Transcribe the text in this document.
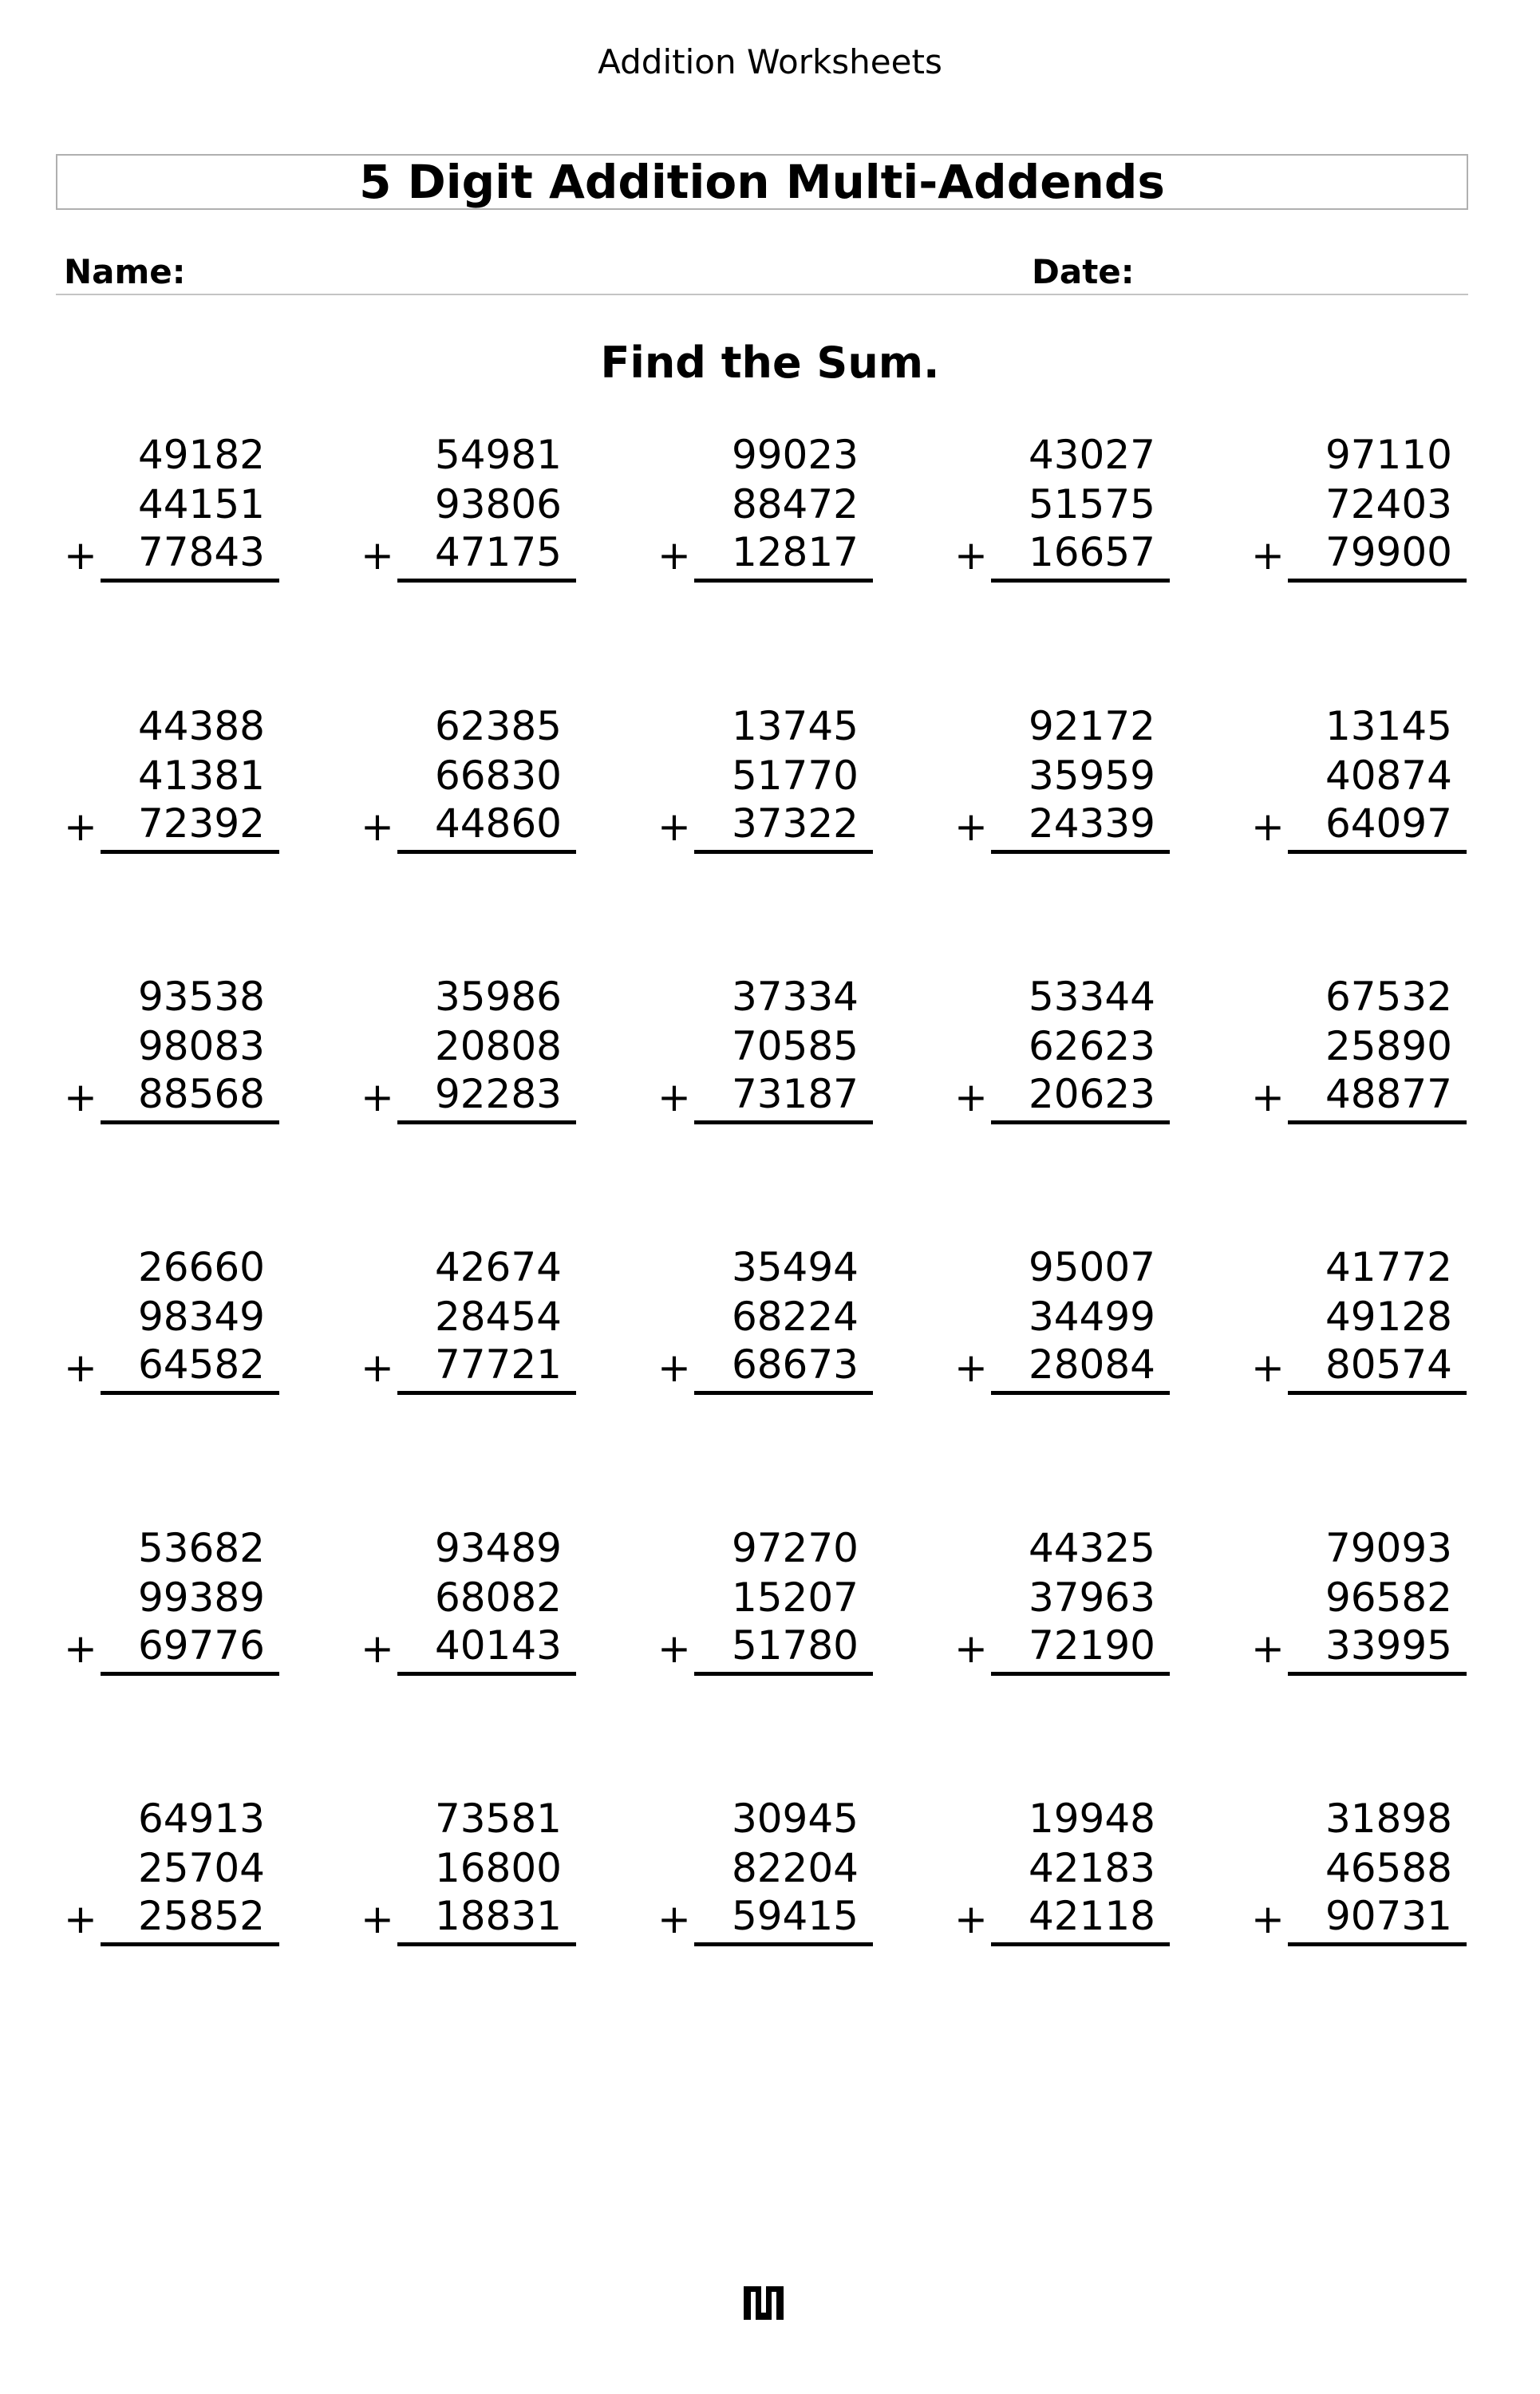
Addition Worksheets
5 Digit Addition Multi-Addends
Name:	Date:
Find the Sum.
49182
44151
77843
+
54981
93806
47175
+
99023
88472
12817
+
43027
51575
16657
+
97110
72403
79900
+
44388
41381
72392
+
62385
66830
44860
+
13745
51770
37322
+
92172
35959
24339
+
13145
40874
64097
+
93538
98083
88568
+
35986
20808
92283
+
37334
70585
73187
+
53344
62623
20623
+
67532
25890
48877
+
26660
98349
64582
+
42674
28454
77721
+
35494
68224
68673
+
95007
34499
28084
+
41772
49128
80574
+
53682
99389
69776
+
93489
68082
40143
+
97270
15207
51780
+
44325
37963
72190
+
79093
96582
33995
+
64913
25704
25852
+
73581
16800
18831
+
30945
82204
59415
+
19948
42183
42118
+
31898
46588
90731
+
